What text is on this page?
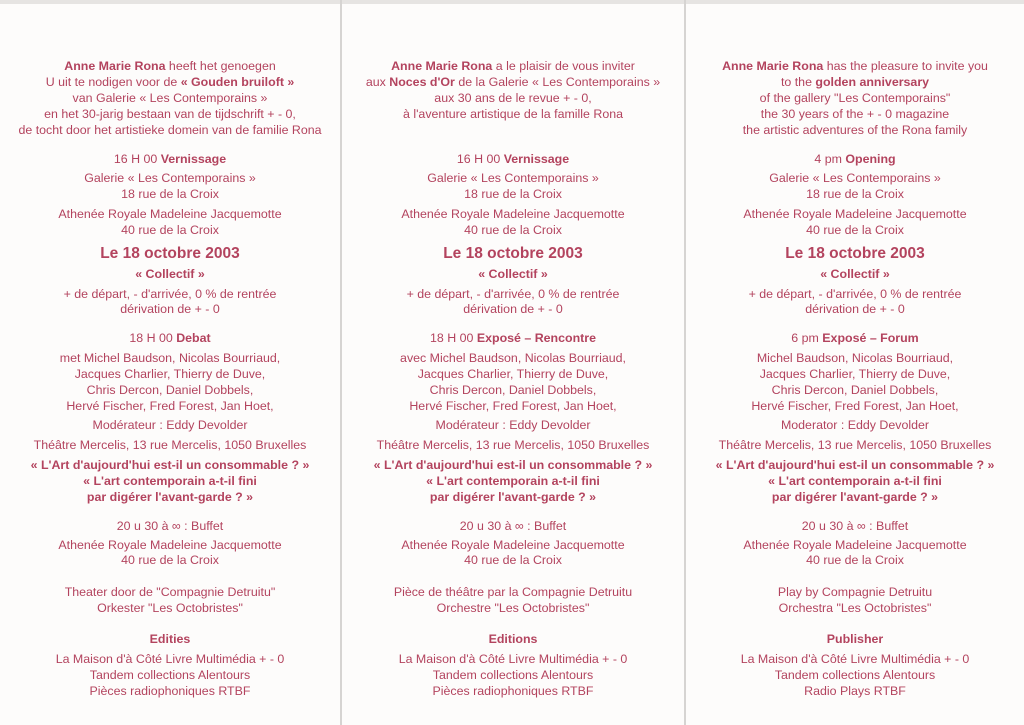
Anne Marie Rona heeft het genoegen
U uit te nodigen voor de « Gouden bruiloft »
van Galerie « Les Contemporains »
en het 30-jarig bestaan van de tijdschrift + - 0,
de tocht door het artistieke domein van de familie Rona
16 H 00 Vernissage
Galerie « Les Contemporains »
18 rue de la Croix
Athenée Royale Madeleine Jacquemotte
40 rue de la Croix
Le 18 octobre 2003
« Collectif »
+ de départ, - d'arrivée, 0 % de rentrée
dérivation de + - 0
18 H 00 Debat
met Michel Baudson, Nicolas Bourriaud,
Jacques Charlier, Thierry de Duve,
Chris Dercon, Daniel Dobbels,
Hervé Fischer, Fred Forest, Jan Hoet,
Modérateur : Eddy Devolder
Théâtre Mercelis, 13 rue Mercelis, 1050 Bruxelles
« L'Art d'aujourd'hui est-il un consommable ? »
« L'art contemporain a-t-il fini
par digérer l'avant-garde ? »
20 u 30 à ∞ : Buffet
Athenée Royale Madeleine Jacquemotte
40 rue de la Croix
Theater door de "Compagnie Detruitu"
Orkester "Les Octobristes"
Edities
La Maison d'à Côté Livre Multimédia + - 0
Tandem collections Alentours
Pièces radiophoniques RTBF
Anne Marie Rona a le plaisir de vous inviter
aux Noces d'Or de la Galerie « Les Contemporains »
aux 30 ans de le revue + - 0,
à l'aventure artistique de la famille Rona
16 H 00 Vernissage
Galerie « Les Contemporains »
18 rue de la Croix
Athenée Royale Madeleine Jacquemotte
40 rue de la Croix
Le 18 octobre 2003
« Collectif »
+ de départ, - d'arrivée, 0 % de rentrée
dérivation de + - 0
18 H 00 Exposé – Rencontre
avec Michel Baudson, Nicolas Bourriaud,
Jacques Charlier, Thierry de Duve,
Chris Dercon, Daniel Dobbels,
Hervé Fischer, Fred Forest, Jan Hoet,
Modérateur : Eddy Devolder
Théâtre Mercelis, 13 rue Mercelis, 1050 Bruxelles
« L'Art d'aujourd'hui est-il un consommable ? »
« L'art contemporain a-t-il fini
par digérer l'avant-garde ? »
20 u 30 à ∞ : Buffet
Athenée Royale Madeleine Jacquemotte
40 rue de la Croix
Pièce de théâtre par la Compagnie Detruitu
Orchestre "Les Octobristes"
Editions
La Maison d'à Côté Livre Multimédia + - 0
Tandem collections Alentours
Pièces radiophoniques RTBF
Anne Marie Rona has the pleasure to invite you
to the golden anniversary
of the gallery "Les Contemporains"
the 30 years of the + - 0 magazine
the artistic adventures of the Rona family
4 pm Opening
Galerie « Les Contemporains »
18 rue de la Croix
Athenée Royale Madeleine Jacquemotte
40 rue de la Croix
Le 18 octobre 2003
« Collectif »
+ de départ, - d'arrivée, 0 % de rentrée
dérivation de + - 0
6 pm Exposé – Forum
Michel Baudson, Nicolas Bourriaud,
Jacques Charlier, Thierry de Duve,
Chris Dercon, Daniel Dobbels,
Hervé Fischer, Fred Forest, Jan Hoet,
Moderator : Eddy Devolder
Théâtre Mercelis, 13 rue Mercelis, 1050 Bruxelles
« L'Art d'aujourd'hui est-il un consommable ? »
« L'art contemporain a-t-il fini
par digérer l'avant-garde ? »
20 u 30 à ∞ : Buffet
Athenée Royale Madeleine Jacquemotte
40 rue de la Croix
Play by Compagnie Detruitu
Orchestra "Les Octobristes"
Publisher
La Maison d'à Côté Livre Multimédia + - 0
Tandem collections Alentours
Radio Plays RTBF
